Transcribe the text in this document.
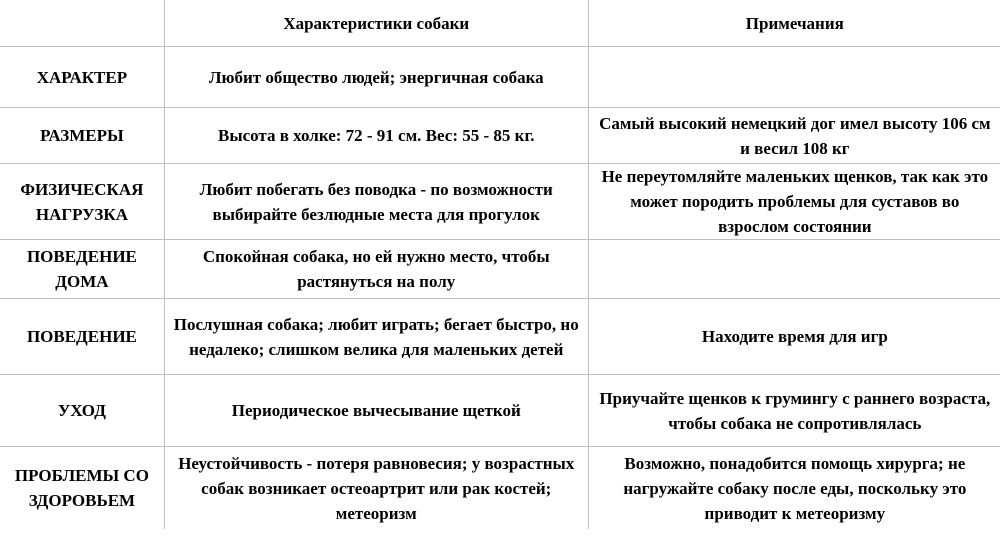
	Характеристики собаки	Примечания
ХАРАКТЕР	Любит общество людей; энергичная собака	
РАЗМЕРЫ	Высота в холке: 72 - 91 см. Вес: 55 - 85 кг.	Самый высокий немецкий дог имел высоту 106 см и весил 108 кг
ФИЗИЧЕСКАЯ НАГРУЗКА	Любит побегать без поводка - по возможности выбирайте безлюдные места для прогулок	Не переутомляйте маленьких щенков, так как это может породить проблемы для суставов во взрослом состоянии
ПОВЕДЕНИЕ ДОМА	Спокойная собака, но ей нужно место, чтобы растянуться на полу	
ПОВЕДЕНИЕ	Послушная собака; любит играть; бегает быстро, но недалеко; слишком велика для маленьких детей	Находите время для игр
УХОД	Периодическое вычесывание щеткой	Приучайте щенков к грумингу с раннего возраста, чтобы собака не сопротивлялась
ПРОБЛЕМЫ СО ЗДОРОВЬЕМ	Неустойчивость - потеря равновесия; у возрастных собак возникает остеоартрит или рак костей; метеоризм	Возможно, понадобится помощь хирурга; не нагружайте собаку после еды, поскольку это приводит к метеоризму
